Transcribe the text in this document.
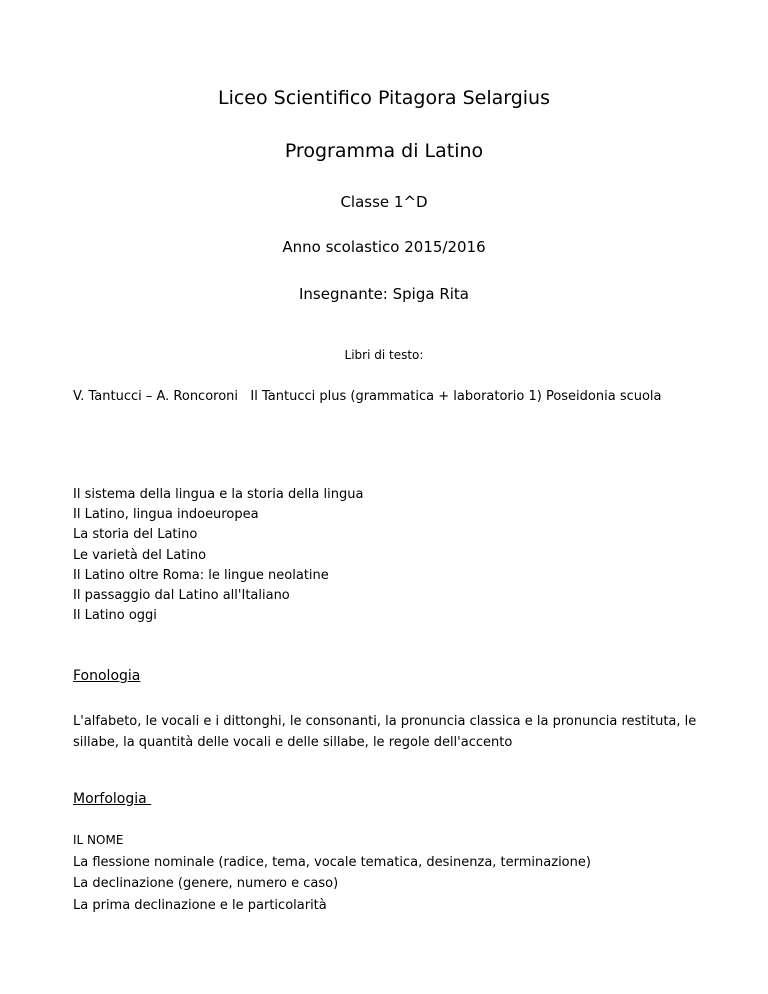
Liceo Scientifico Pitagora Selargius
Programma di Latino
Classe 1^D
Anno scolastico 2015/2016
Insegnante: Spiga Rita
Libri di testo:
V. Tantucci – A. Roncoroni   Il Tantucci plus (grammatica + laboratorio 1) Poseidonia scuola
Il sistema della lingua e la storia della lingua
Il Latino, lingua indoeuropea
La storia del Latino
Le varietà del Latino
Il Latino oltre Roma: le lingue neolatine
Il passaggio dal Latino all'Italiano
Il Latino oggi
Fonologia
L'alfabeto, le vocali e i dittonghi, le consonanti, la pronuncia classica e la pronuncia restituta, le sillabe, la quantità delle vocali e delle sillabe, le regole dell'accento
Morfologia
IL NOME
La flessione nominale (radice, tema, vocale tematica, desinenza, terminazione)
La declinazione (genere, numero e caso)
La prima declinazione e le particolarità
